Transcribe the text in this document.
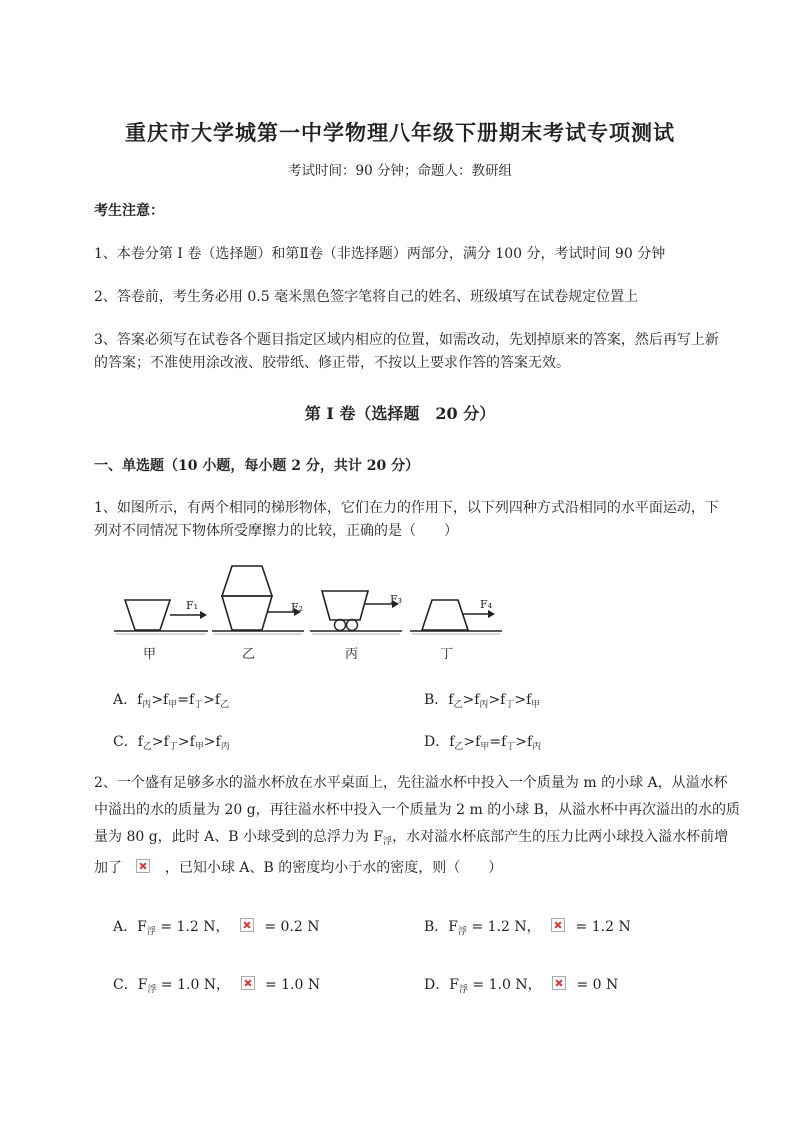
重庆市大学城第一中学物理八年级下册期末考试专项测试
考试时间：90 分钟；命题人：教研组
考生注意：
1、本卷分第 I 卷（选择题）和第Ⅱ卷（非选择题）两部分，满分 100 分，考试时间 90 分钟
2、答卷前，考生务必用 0.5 毫米黑色签字笔将自己的姓名、班级填写在试卷规定位置上
3、答案必须写在试卷各个题目指定区域内相应的位置，如需改动，先划掉原来的答案，然后再写上新
的答案；不准使用涂改液、胶带纸、修正带，不按以上要求作答的答案无效。
第 I 卷（选择题　20 分）
一、单选题（10 小题，每小题 2 分，共计 20 分）
1、如图所示，有两个相同的梯形物体，它们在力的作用下，以下列四种方式沿相同的水平面运动，下
列对不同情况下物体所受摩擦力的比较，正确的是（　　）
甲	乙	丙	丁
F₁	F₂
F₃	F₄
A．$f_丙>f_甲=f_丁>f_乙$	B．$f_乙>f_丙>f_丁>f_甲$
C．$f_乙>f_丁>f_甲>f_丙$	D．$f_乙>f_甲=f_丁>f_丙$
2、一个盛有足够多水的溢水杯放在水平桌面上，先往溢水杯中投入一个质量为 m 的小球 A，从溢水杯
中溢出的水的质量为 20 g，再往溢水杯中投入一个质量为 2 m 的小球 B，从溢水杯中再次溢出的水的质
量为 80 g，此时 A、B 小球受到的总浮力为 $F_浮$，水对溢水杯底部产生的压力比两小球投入溢水杯前增
加了	，已知小球 A、B 的密度均小于水的密度，则（　　）
A．$F_浮 = 1.2$ N，  = 0.2 N	B．$F_浮 = 1.2$ N，  = 1.2 N
C．$F_浮 = 1.0$ N，  = 1.0 N	D．$F_浮 = 1.0$ N，  = 0 N
